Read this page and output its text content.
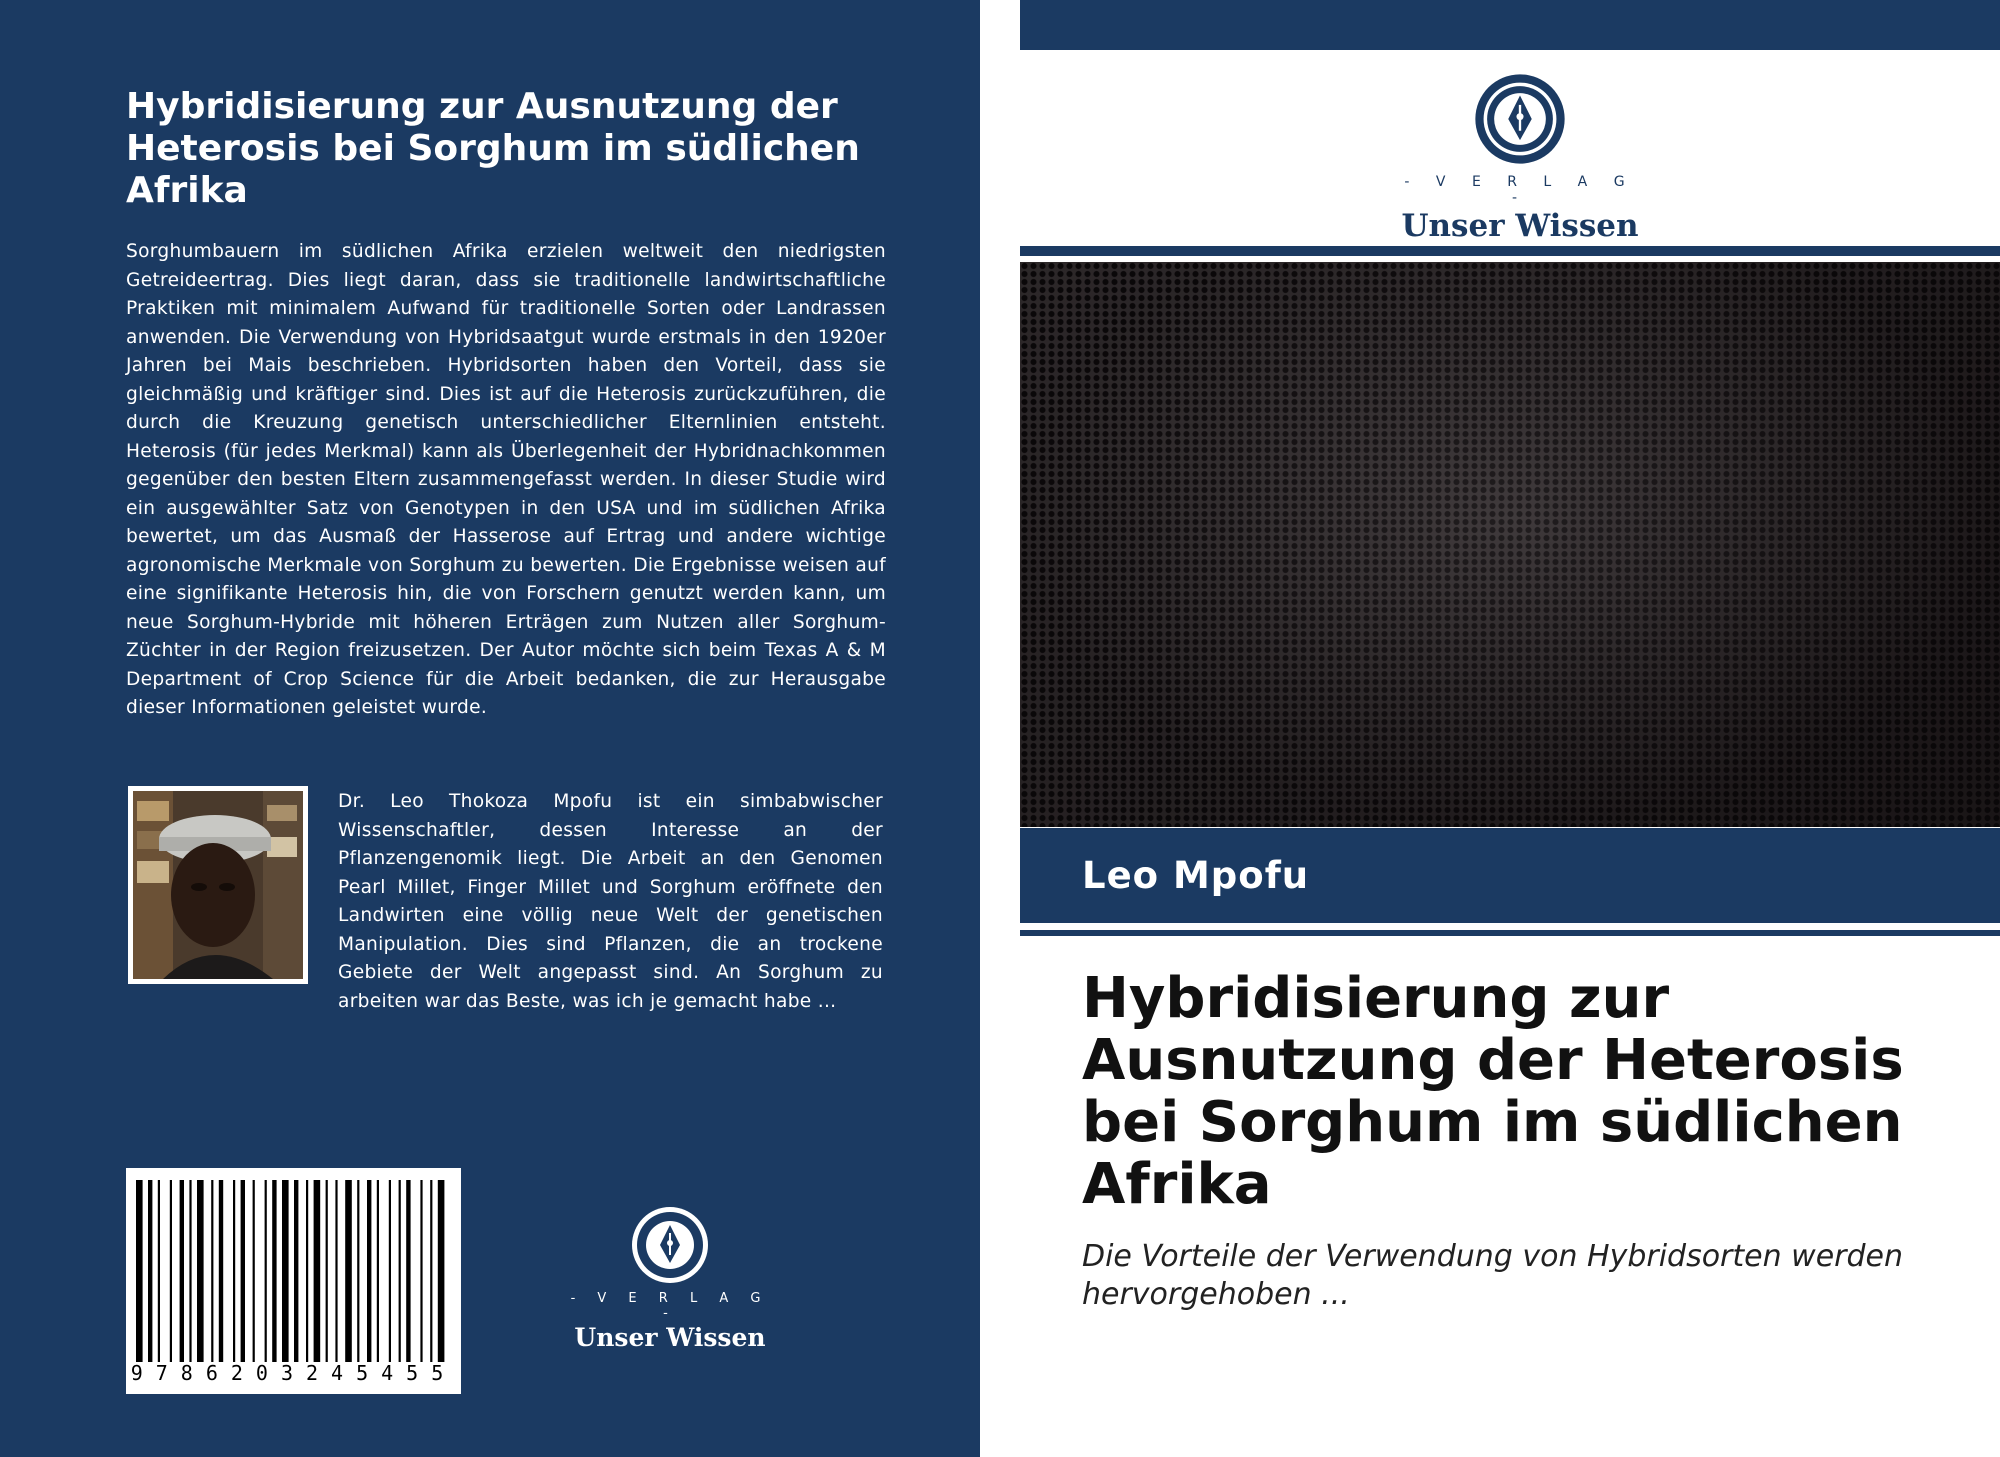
Hybridisierung zur Ausnutzung der Heterosis bei Sorghum im südlichen Afrika

Sorghumbauern im südlichen Afrika erzielen weltweit den niedrigsten Getreideertrag. Dies liegt daran, dass sie traditionelle landwirtschaftliche Praktiken mit minimalem Aufwand für traditionelle Sorten oder Landrassen anwenden. Die Verwendung von Hybridsaatgut wurde erstmals in den 1920er Jahren bei Mais beschrieben. Hybridsorten haben den Vorteil, dass sie gleichmäßig und kräftiger sind. Dies ist auf die Heterosis zurückzuführen, die durch die Kreuzung genetisch unterschiedlicher Elternlinien entsteht. Heterosis (für jedes Merkmal) kann als Überlegenheit der Hybridnachkommen gegenüber den besten Eltern zusammengefasst werden. In dieser Studie wird ein ausgewählter Satz von Genotypen in den USA und im südlichen Afrika bewertet, um das Ausmaß der Hasserose auf Ertrag und andere wichtige agronomische Merkmale von Sorghum zu bewerten. Die Ergebnisse weisen auf eine signifikante Heterosis hin, die von Forschern genutzt werden kann, um neue Sorghum-Hybride mit höheren Erträgen zum Nutzen aller Sorghum-Züchter in der Region freizusetzen. Der Autor möchte sich beim Texas A & M Department of Crop Science für die Arbeit bedanken, die zur Herausgabe dieser Informationen geleistet wurde.

Dr. Leo Thokoza Mpofu ist ein simbabwischer Wissenschaftler, dessen Interesse an der Pflanzengenomik liegt. Die Arbeit an den Genomen Pearl Millet, Finger Millet und Sorghum eröffnete den Landwirten eine völlig neue Welt der genetischen Manipulation. Dies sind Pflanzen, die an trockene Gebiete der Welt angepasst sind. An Sorghum zu arbeiten war das Beste, was ich je gemacht habe ...

9786203245455
- V E R L A G -
Unser Wissen
- V E R L A G -
Unser Wissen
Leo Mpofu
Hybridisierung zur Ausnutzung der Heterosis bei Sorghum im südlichen Afrika

Die Vorteile der Verwendung von Hybridsorten werden hervorgehoben ...
